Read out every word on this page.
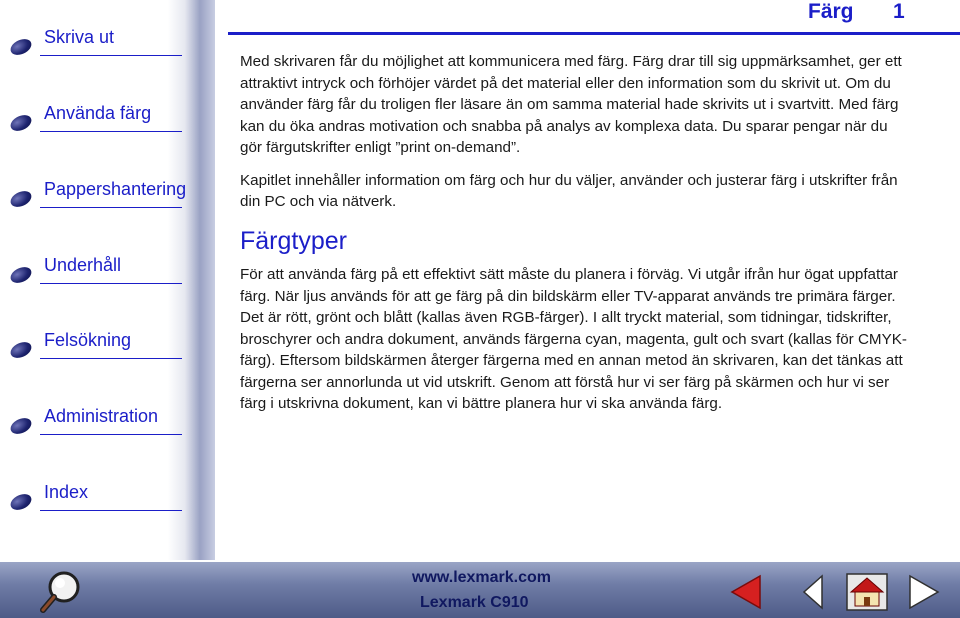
Skriva ut
Använda färg
Pappershantering
Underhåll
Felsökning
Administration
Index
Färg 1

Med skrivaren får du möjlighet att kommunicera med färg. Färg drar till sig uppmärksamhet, ger ett attraktivt intryck och förhöjer värdet på det material eller den information som du skrivit ut. Om du använder färg får du troligen fler läsare än om samma material hade skrivits ut i svartvitt. Med färg kan du öka andras motivation och snabba på analys av komplexa data. Du sparar pengar när du gör färgutskrifter enligt ”print on-demand”.

Kapitlet innehåller information om färg och hur du väljer, använder och justerar färg i utskrifter från din PC och via nätverk.

Färgtyper

För att använda färg på ett effektivt sätt måste du planera i förväg. Vi utgår ifrån hur ögat uppfattar färg. När ljus används för att ge färg på din bildskärm eller TV-apparat används tre primära färger. Det är rött, grönt och blått (kallas även RGB-färger). I allt tryckt material, som tidningar, tidskrifter, broschyrer och andra dokument, används färgerna cyan, magenta, gult och svart (kallas för CMYK-färg). Eftersom bildskärmen återger färgerna med en annan metod än skrivaren, kan det tänkas att färgerna ser annorlunda ut vid utskrift. Genom att förstå hur vi ser färg på skärmen och hur vi ser färg i utskrivna dokument, kan vi bättre planera hur vi ska använda färg.

www.lexmark.com
Lexmark C910
